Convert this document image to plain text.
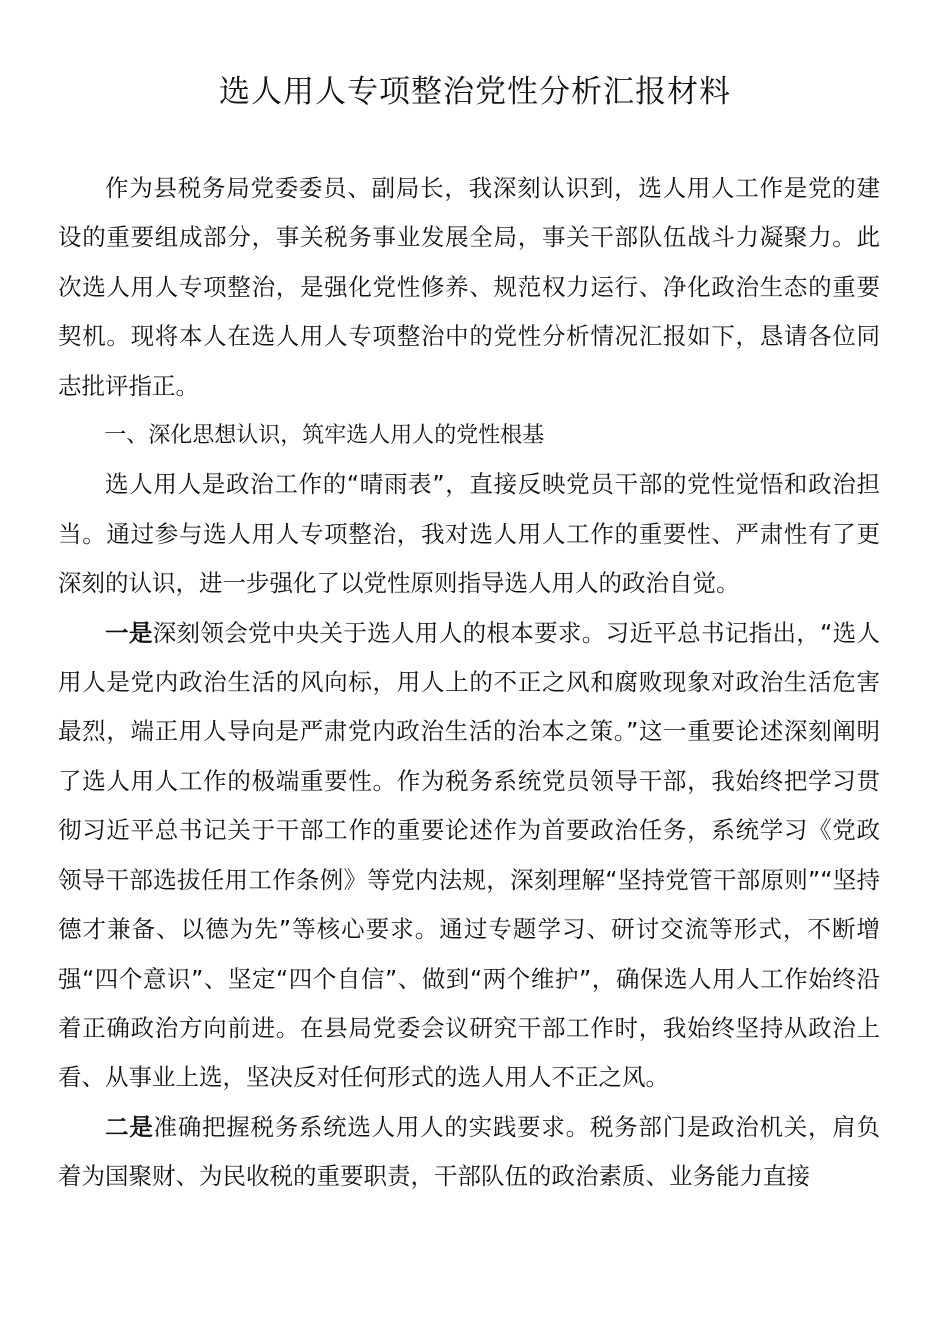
选人用人专项整治党性分析汇报材料

作为县税务局党委委员、副局长，我深刻认识到，选人用人工作是党的建设的重要组成部分，事关税务事业发展全局，事关干部队伍战斗力凝聚力。此次选人用人专项整治，是强化党性修养、规范权力运行、净化政治生态的重要契机。现将本人在选人用人专项整治中的党性分析情况汇报如下，恳请各位同志批评指正。

一、深化思想认识，筑牢选人用人的党性根基

选人用人是政治工作的“晴雨表”，直接反映党员干部的党性觉悟和政治担当。通过参与选人用人专项整治，我对选人用人工作的重要性、严肃性有了更深刻的认识，进一步强化了以党性原则指导选人用人的政治自觉。

一是深刻领会党中央关于选人用人的根本要求。习近平总书记指出，“选人用人是党内政治生活的风向标，用人上的不正之风和腐败现象对政治生活危害最烈，端正用人导向是严肃党内政治生活的治本之策。”这一重要论述深刻阐明了选人用人工作的极端重要性。作为税务系统党员领导干部，我始终把学习贯彻习近平总书记关于干部工作的重要论述作为首要政治任务，系统学习《党政领导干部选拔任用工作条例》等党内法规，深刻理解“坚持党管干部原则”“坚持德才兼备、以德为先”等核心要求。通过专题学习、研讨交流等形式，不断增强“四个意识”、坚定“四个自信”、做到“两个维护”，确保选人用人工作始终沿着正确政治方向前进。在县局党委会议研究干部工作时，我始终坚持从政治上看、从事业上选，坚决反对任何形式的选人用人不正之风。

二是准确把握税务系统选人用人的实践要求。税务部门是政治机关，肩负着为国聚财、为民收税的重要职责，干部队伍的政治素质、业务能力直接
